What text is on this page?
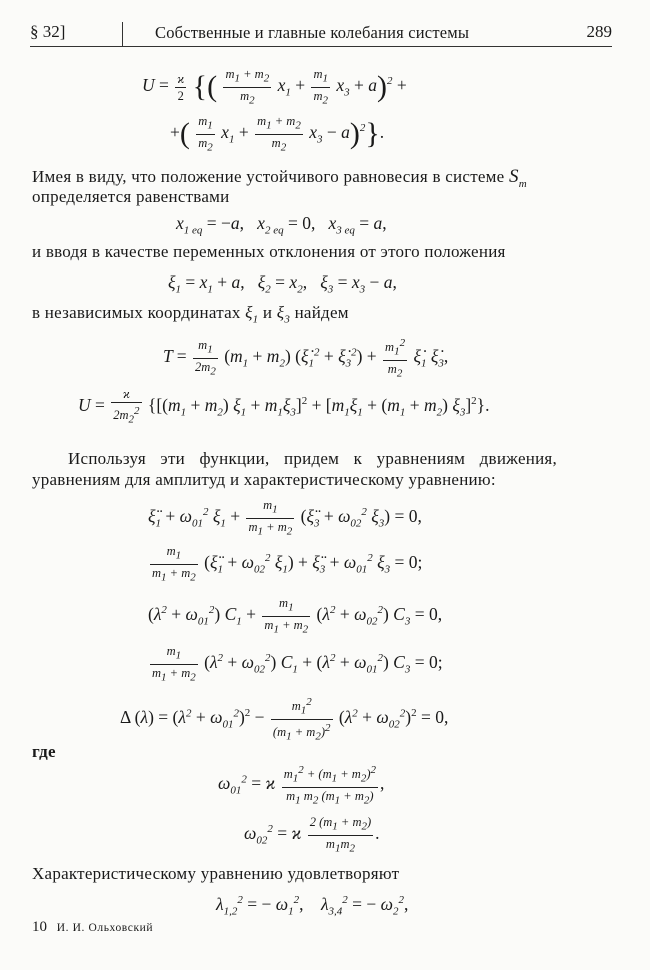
§ 32]	Собственные и главные колебания системы	289
$U = \frac{ϰ}{2}$ {( $\frac{m_1 + m_2}{m_2} x_1 + \frac{m_1}{m_2} x_3 + a)^2$ +
+( $\frac{m_1}{m_2} x_1 + \frac{m_1 + m_2}{m_2} x_3 - a)^2$}.
Имея в виду, что положение устойчивого равновесия в системе $S_m$
определяется равенствами
$x_{1 eq} = -a$,   $x_{2 eq} = 0$,   $x_{3 eq} = a$,
и вводя в качестве переменных отклонения от этого положения
$\xi_1 = x_1 + a$,   $\xi_2 = x_2$,   $\xi_3 = x_3 - a$,
в независимых координатах $\xi_1$ и $\xi_3$ найдем
$T = \frac{m_1}{2m_2} (m_1 + m_2)$ ($\xi̇_1^2$ + $\xi̇_3^2) + \frac{m_1^2}{m_2}$ $\xi̇_1$ $\xi̇_3$,
$U = \frac{ϰ}{2m_2^2} \{[(m_1 + m_2) \xi_1 + m_1\xi_3]^2 + [m_1\xi_1 + (m_1 + m_2)$ $\xi_3]^2$}.
Используя эти функции, придем к уравнениям движения,
уравнениям для амплитуд и характеристическому уравнению:
$\xï_1 + \omega_{01}^2$ $\xi_1 + \frac{m_1}{m_1 + m_2}$ ($\xï_3 + \omega_{02}^2$ $\xi_3) = 0$,
$\frac{m_1}{m_1 + m_2}$ ($\xï_1 + \omega_{02}^2$ $\xi_1$) + $\xï_3 + \omega_{01}^2$ $\xi_3 = 0$;
$(\lambda^2 + \omega_{01}^2) C_1 + \frac{m_1}{m_1 + m_2} (\lambda^2 + \omega_{02}^2) C_3 = 0$,
$\frac{m_1}{m_1 + m_2} (\lambda^2 + \omega_{02}^2) C_1 + (\lambda^2 + \omega_{01}^2) C_3 = 0$;
Δ $(\lambda) = (\lambda^2 + \omega_{01}^2)^2 - \frac{m_1^2}{(m_1 + m_2)^2} (\lambda^2 + \omega_{02}^2)^2 = 0$,
где
$\omega_{01}^2 = ϰ \frac{m_1^2 + (m_1 + m_2)^2}{m_1 m_2 (m_1 + m_2)}$ ,
$\omega_{02}^2 = ϰ \frac{2 (m_1 + m_2)}{m_1m_2}$ .
Характеристическому уравнению удовлетворяют
$\lambda_{1,2}^2$ = − $\omega_1^2$,    $\lambda_{3,4}^2$ = − $\omega_2^2$,
10 И. И. Ольховский
